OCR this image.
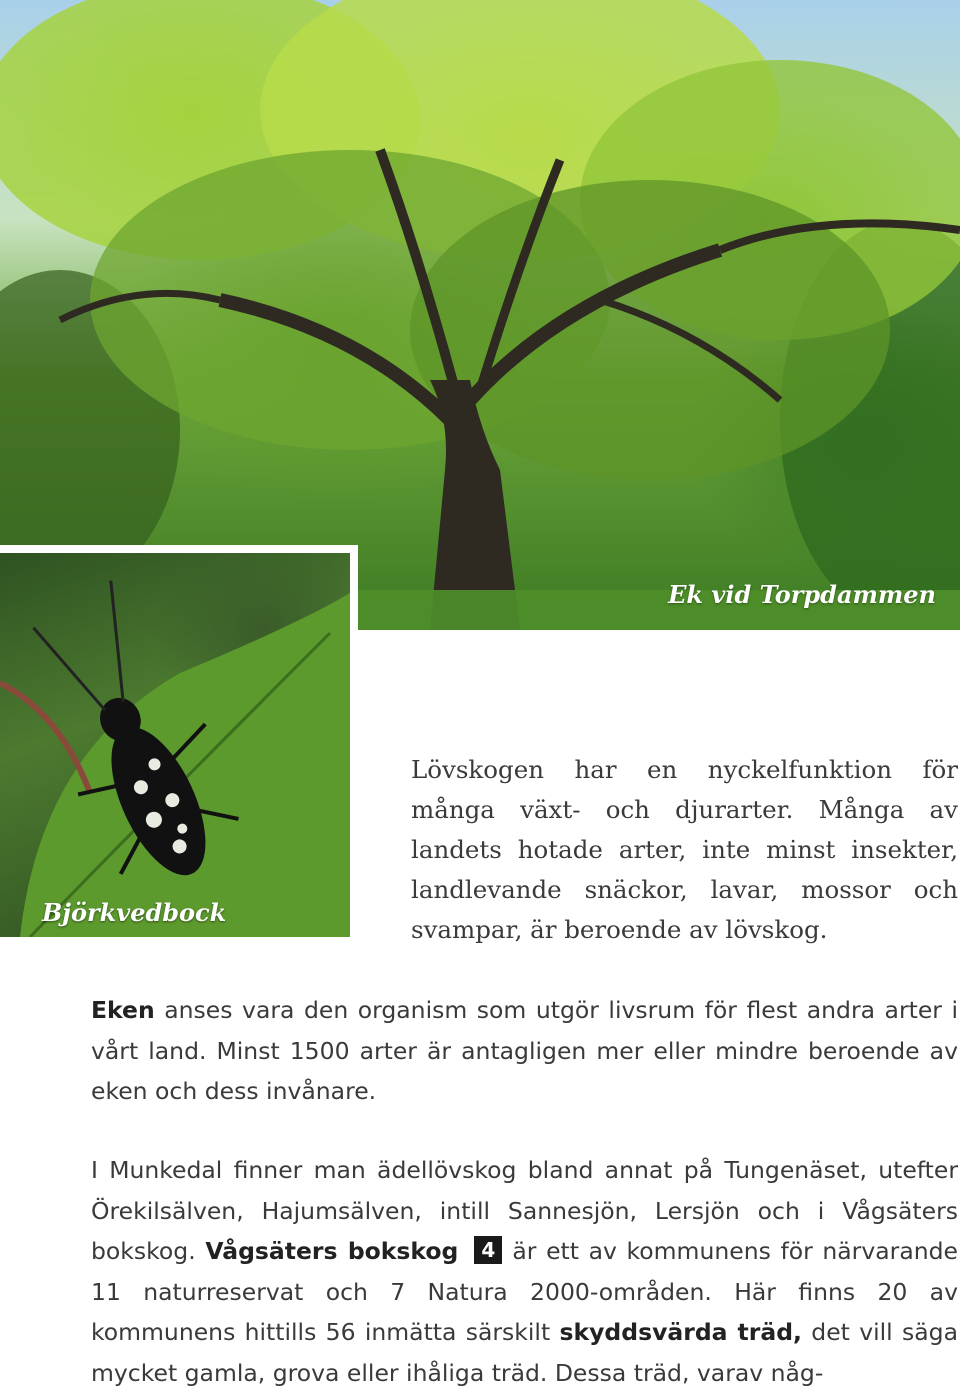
Ek vid Torpdammen
Björkvedbock

Lövskogen har en nyckelfunktion för många växt- och djurarter. Många av landets hotade arter, inte minst insekter, landlevande snäckor, lavar, mossor och svampar, är beroende av lövskog.

Eken anses vara den organism som utgör livsrum för flest andra arter i vårt land. Minst 1500 arter är antagligen mer eller mindre beroende av eken och dess invånare.

I Munkedal finner man ädellövskog bland annat på Tungenäset, utefter Örekilsälven, Hajumsälven, intill Sannesjön, Lersjön och i Vågsäters bokskog. Vågsäters bokskog 4 är ett av kommunens för närvarande 11 naturreservat och 7 Natura 2000-områden. Här finns 20 av kommunens hittills 56 inmätta särskilt skyddsvärda träd, det vill säga mycket gamla, grova eller ihåliga träd. Dessa träd, varav någ-
